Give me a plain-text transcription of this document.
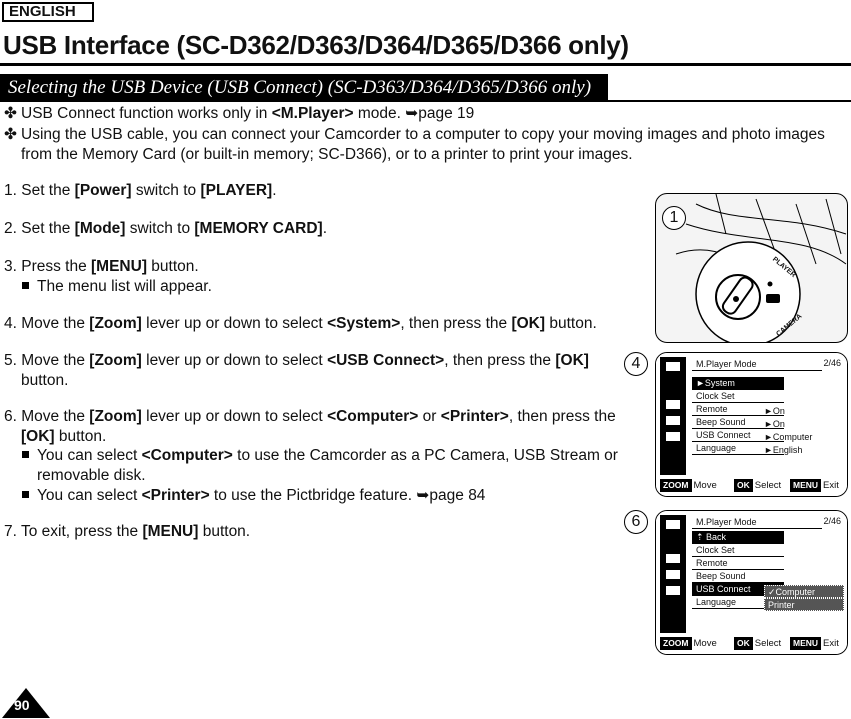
ENGLISH
USB Interface (SC-D362/D363/D364/D365/D366 only)
Selecting the USB Device (USB Connect) (SC-D363/D364/D365/D366 only)
✤ USB Connect function works only in <M.Player> mode. ➥page 19
✤ Using the USB cable, you can connect your Camcorder to a computer to copy your moving images and photo images
from the Memory Card (or built-in memory; SC-D366), or to a printer to print your images.
1. Set the [Power] switch to [PLAYER].
2. Set the [Mode] switch to [MEMORY CARD].
3. Press the [MENU] button.
The menu list will appear.
4. Move the [Zoom] lever up or down to select <System>, then press the [OK] button.
5. Move the [Zoom] lever up or down to select <USB Connect>, then press the [OK]
button.
6. Move the [Zoom] lever up or down to select <Computer> or <Printer>, then press the
[OK] button.
You can select <Computer> to use the Camcorder as a PC Camera, USB Stream or
removable disk.
You can select <Printer> to use the Pictbridge feature. ➥page 84
7. To exit, press the [MENU] button.
1
PLAYER
CAMERA
4	M.Player Mode	2/46
►System
Clock Set
Remote
Beep Sound
USB Connect
Language
►On
►On
►Computer
►English
ZOOM Move	OK Select	MENU Exit
6	M.Player Mode	2/46
⇡ Back
Clock Set
Remote
Beep Sound
USB Connect
Language
✓Computer
Printer
ZOOM Move	OK Select	MENU Exit
90
